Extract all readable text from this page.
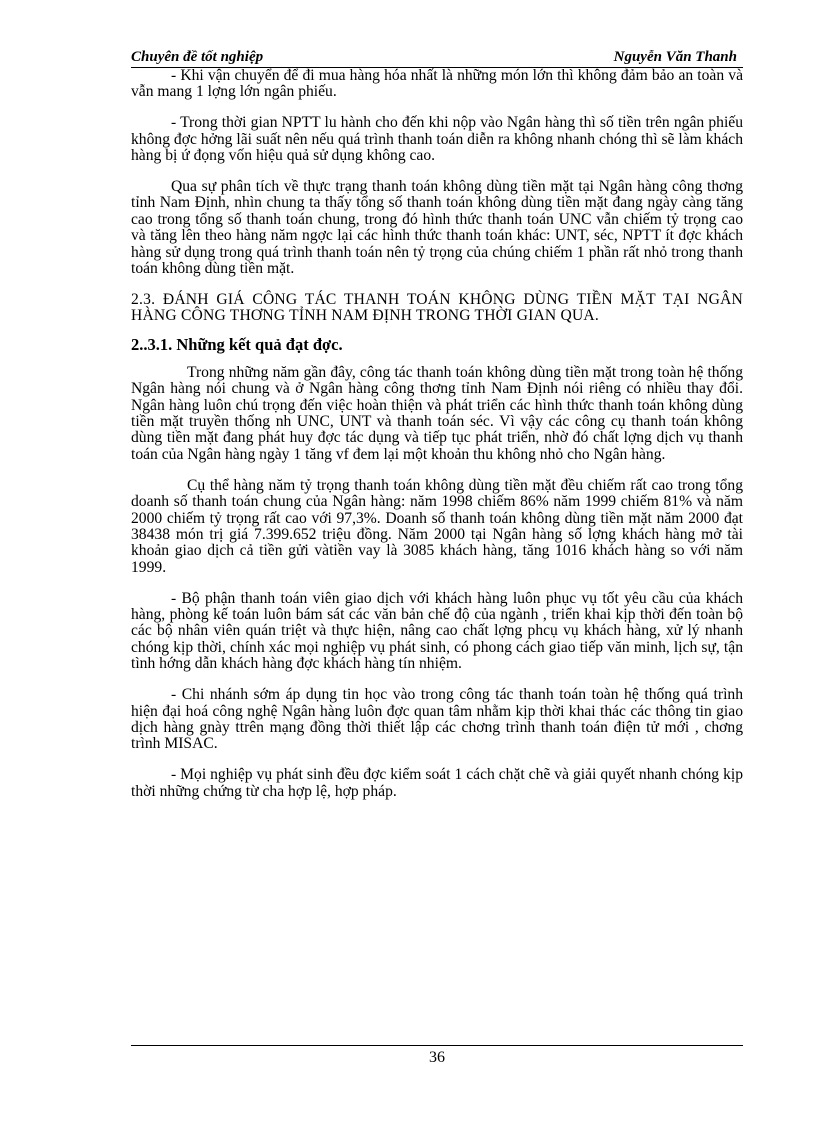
Chuyên đề tốt nghiệp	Nguyễn Văn Thanh

- Khi vận chuyển để đi mua hàng hóa nhất là những món lớn thì không đảm bảo an toàn và vẫn mang 1 lợng lớn ngân phiếu.

- Trong thời gian NPTT lu hành cho đến khi nộp vào Ngân hàng thì số tiền trên ngân phiếu không đợc hởng lãi suất nên nếu quá trình thanh toán diễn ra không nhanh chóng thì sẽ làm khách hàng bị ứ đọng vốn hiệu quả sử dụng không cao.

Qua sự phân tích về thực trạng thanh toán không dùng tiền mặt tại Ngân hàng công thơng tỉnh Nam Định, nhìn chung ta thấy tổng số thanh toán không dùng tiền mặt đang ngày càng tăng cao trong tổng số thanh toán chung, trong đó hình thức thanh toán UNC vẫn chiếm tỷ trọng cao và tăng lên theo hàng năm ngợc lại các hình thức thanh toán khác: UNT, séc, NPTT ít đợc khách hàng sử dụng trong quá trình thanh toán nên tỷ trọng của chúng chiếm 1 phần rất nhỏ trong thanh toán không dùng tiền mặt.

2.3. ĐÁNH GIÁ CÔNG TÁC THANH TOÁN KHÔNG DÙNG TIỀN MẶT TẠI NGÂN HÀNG CÔNG THƠNG TỈNH NAM ĐỊNH TRONG THỜI GIAN QUA.

2..3.1. Những kết quả đạt đợc.

Trong những năm gần đây, công tác thanh toán không dùng tiền mặt trong toàn hệ thống Ngân hàng nói chung và ở Ngân hàng công thơng tỉnh Nam Định nói riêng có nhiều thay đổi. Ngân hàng luôn chú trọng đến việc hoàn thiện và phát triển các hình thức thanh toán không dùng tiền mặt truyền thống nh UNC, UNT và thanh toán séc. Vì vậy các công cụ thanh toán không dùng tiền mặt đang phát huy đợc tác dụng và tiếp tục phát triển, nhờ đó chất lợng dịch vụ thanh toán của Ngân hàng ngày 1 tăng vf đem lại một khoản thu không nhỏ cho Ngân hàng.

Cụ thể hàng năm tỷ trọng thanh toán không dùng tiền mặt đều chiếm rất cao trong tổng doanh số thanh toán chung của Ngân hàng: năm 1998 chiếm 86% năm 1999 chiếm 81% và năm 2000 chiếm tỷ trọng rất cao với 97,3%. Doanh số thanh toán không dùng tiền mặt năm 2000 đạt 38438 món trị giá 7.399.652 triệu đồng. Năm 2000 tại Ngân hàng số lợng khách hàng mở tài khoản giao dịch cả tiền gửi vàtiền vay là 3085 khách hàng, tăng 1016 khách hàng so với năm 1999.

- Bộ phận thanh toán viên giao dịch với khách hàng luôn phục vụ tốt yêu cầu của khách hàng, phòng kế toán luôn bám sát các văn bản chế độ của ngành , triển khai kịp thời đến toàn bộ các bộ nhân viên quán triệt và thực hiện, nâng cao chất lợng phcụ vụ khách hàng, xử lý nhanh chóng kịp thời, chính xác mọi nghiệp vụ phát sinh, có phong cách giao tiếp văn minh, lịch sự, tận tình hớng dẫn khách hàng đợc khách hàng tín nhiệm.

- Chi nhánh sớm áp dụng tin học vào trong công tác thanh toán toàn hệ thống quá trình hiện đại hoá công nghệ Ngân hàng luôn đợc quan tâm nhằm kịp thời khai thác các thông tin giao dịch hàng gnày ttrên mạng đồng thời thiết lập các chơng trình thanh toán điện tử mới , chơng trình MISAC.

- Mọi nghiệp vụ phát sinh đều đợc kiểm soát 1 cách chặt chẽ và giải quyết nhanh chóng kịp thời những chứng từ cha hợp lệ, hợp pháp.

36
